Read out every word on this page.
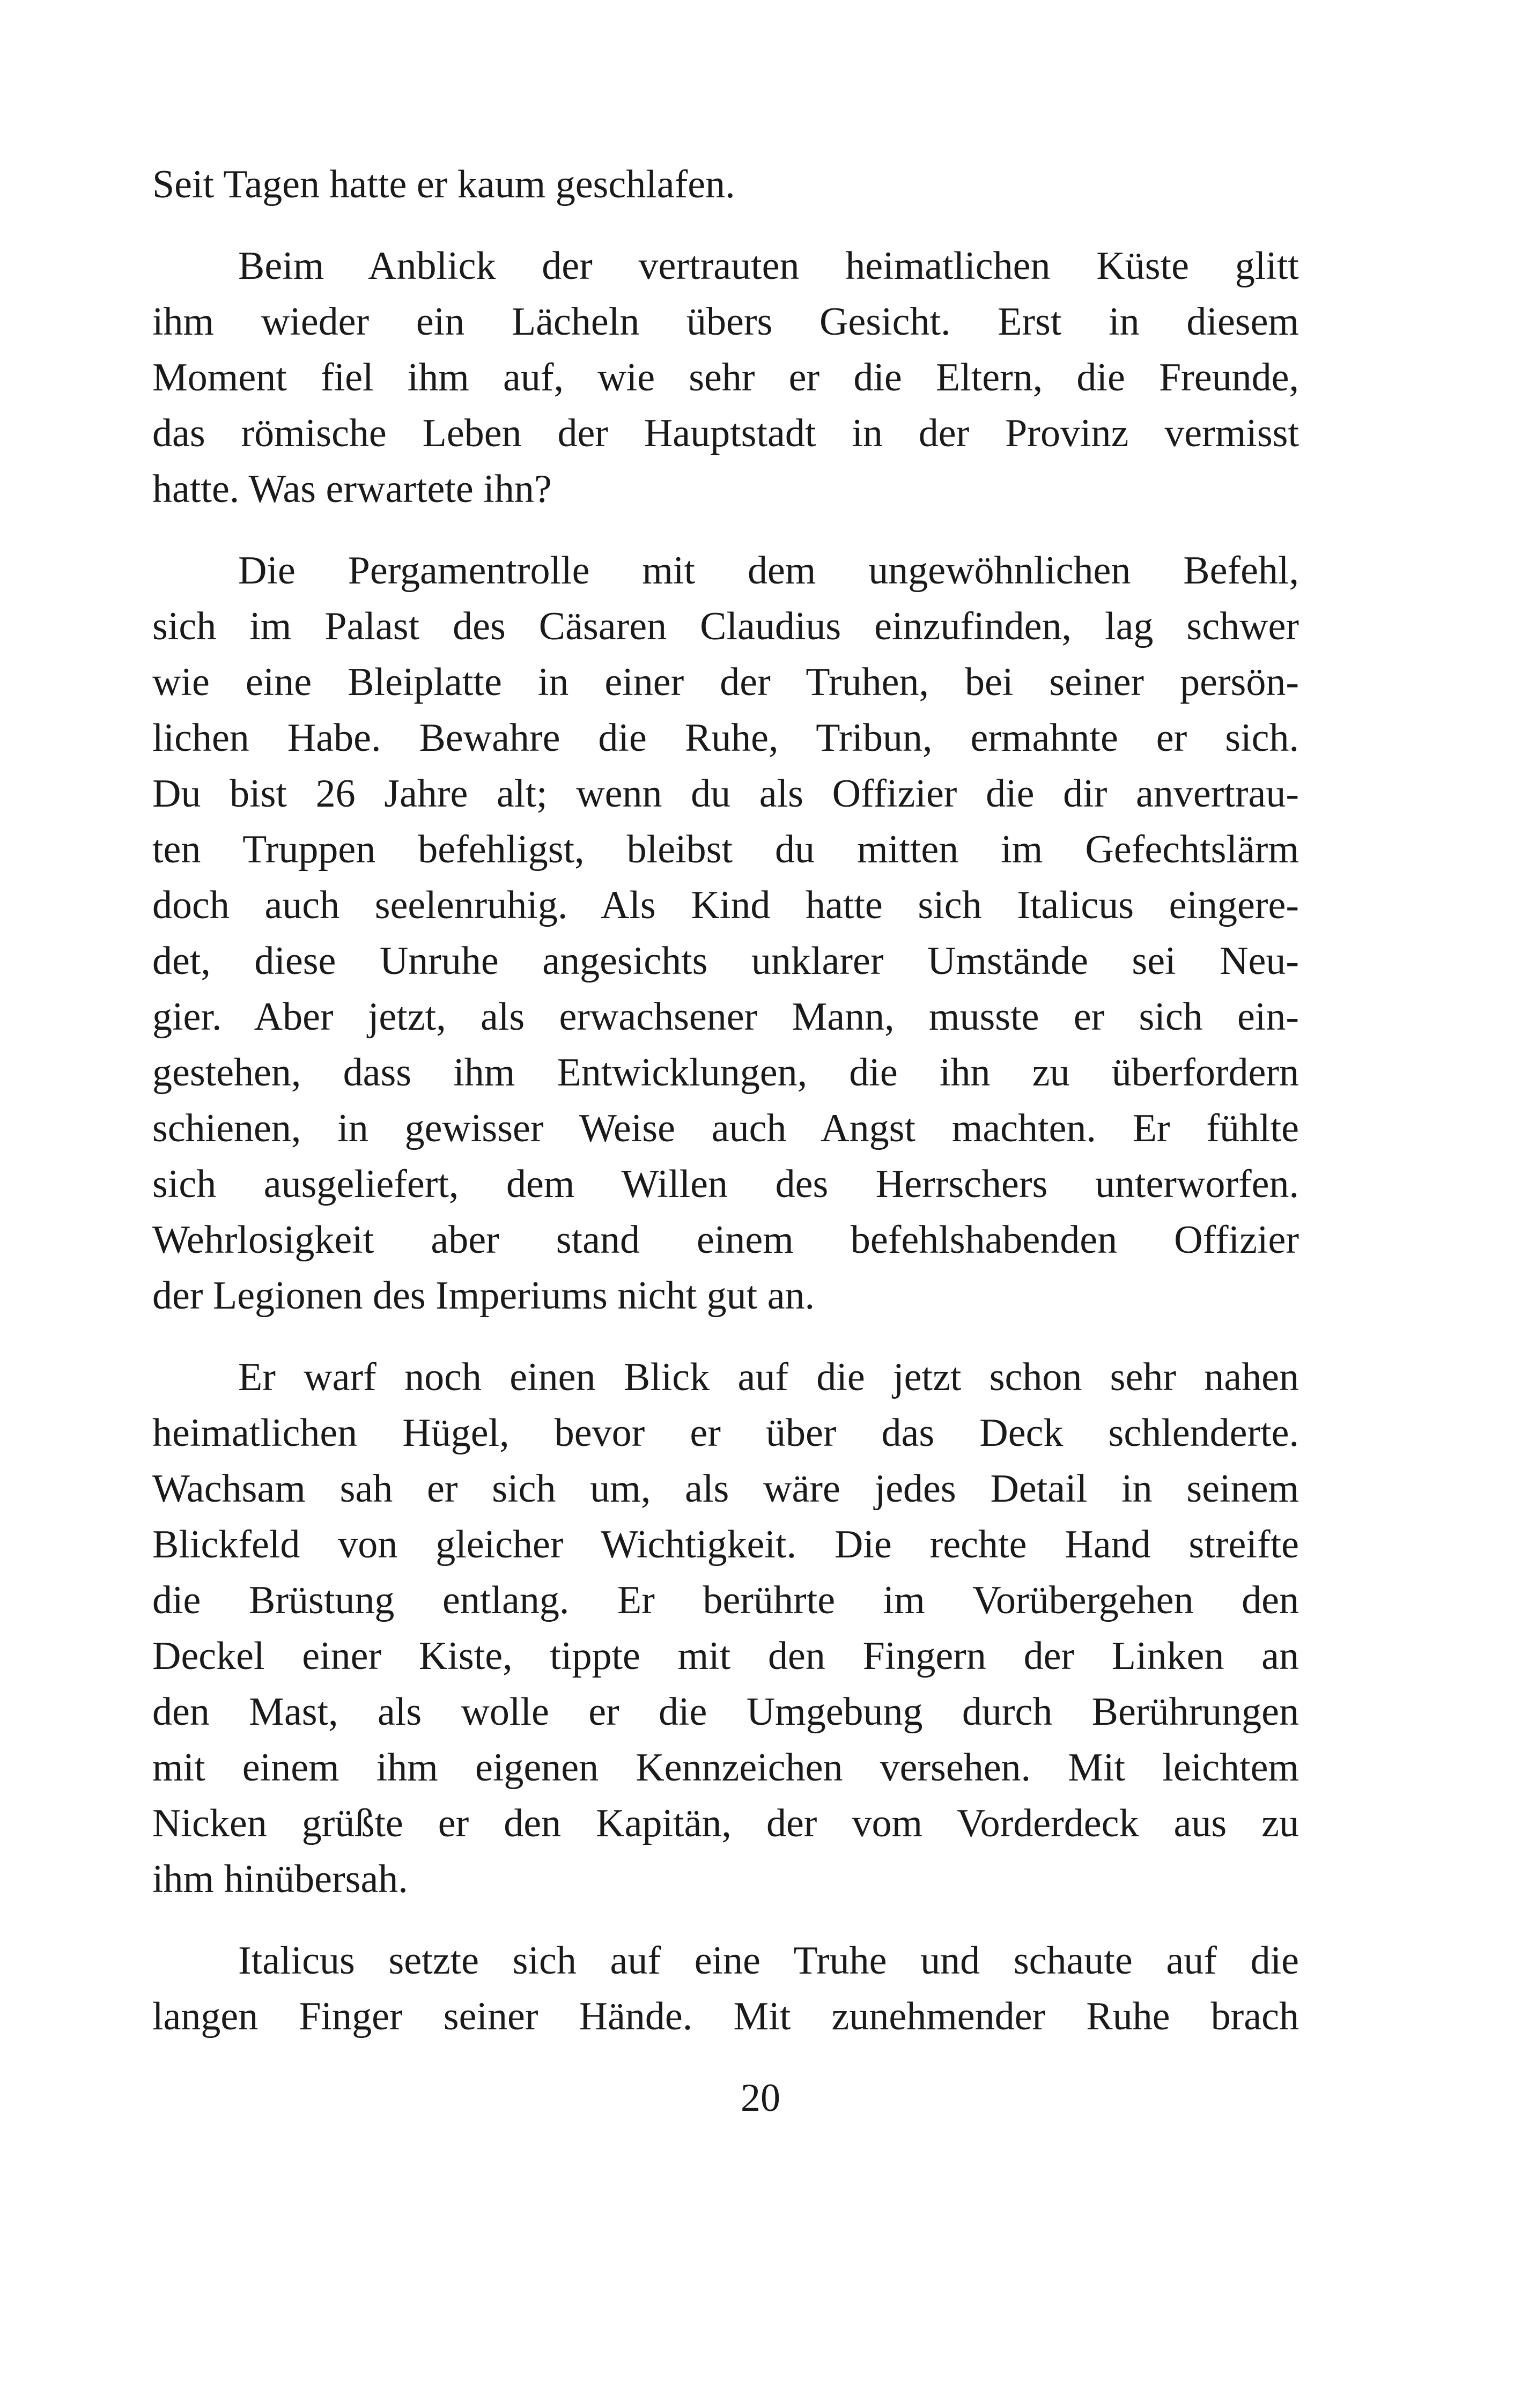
Seit Tagen hatte er kaum geschlafen.
Beim Anblick der vertrauten heimatlichen Küste glitt
ihm wieder ein Lächeln übers Gesicht. Erst in diesem
Moment fiel ihm auf, wie sehr er die Eltern, die Freunde,
das römische Leben der Hauptstadt in der Provinz vermisst
hatte. Was erwartete ihn?
Die Pergamentrolle mit dem ungewöhnlichen Befehl,
sich im Palast des Cäsaren Claudius einzufinden, lag schwer
wie eine Bleiplatte in einer der Truhen, bei seiner persön-
lichen Habe. Bewahre die Ruhe, Tribun, ermahnte er sich.
Du bist 26 Jahre alt; wenn du als Offizier die dir anvertrau-
ten Truppen befehligst, bleibst du mitten im Gefechtslärm
doch auch seelenruhig. Als Kind hatte sich Italicus eingere-
det, diese Unruhe angesichts unklarer Umstände sei Neu-
gier. Aber jetzt, als erwachsener Mann, musste er sich ein-
gestehen, dass ihm Entwicklungen, die ihn zu überfordern
schienen, in gewisser Weise auch Angst machten. Er fühlte
sich ausgeliefert, dem Willen des Herrschers unterworfen.
Wehrlosigkeit aber stand einem befehlshabenden Offizier
der Legionen des Imperiums nicht gut an.
Er warf noch einen Blick auf die jetzt schon sehr nahen
heimatlichen Hügel, bevor er über das Deck schlenderte.
Wachsam sah er sich um, als wäre jedes Detail in seinem
Blickfeld von gleicher Wichtigkeit. Die rechte Hand streifte
die Brüstung entlang. Er berührte im Vorübergehen den
Deckel einer Kiste, tippte mit den Fingern der Linken an
den Mast, als wolle er die Umgebung durch Berührungen
mit einem ihm eigenen Kennzeichen versehen. Mit leichtem
Nicken grüßte er den Kapitän, der vom Vorderdeck aus zu
ihm hinübersah.
Italicus setzte sich auf eine Truhe und schaute auf die
langen Finger seiner Hände. Mit zunehmender Ruhe brach
20
